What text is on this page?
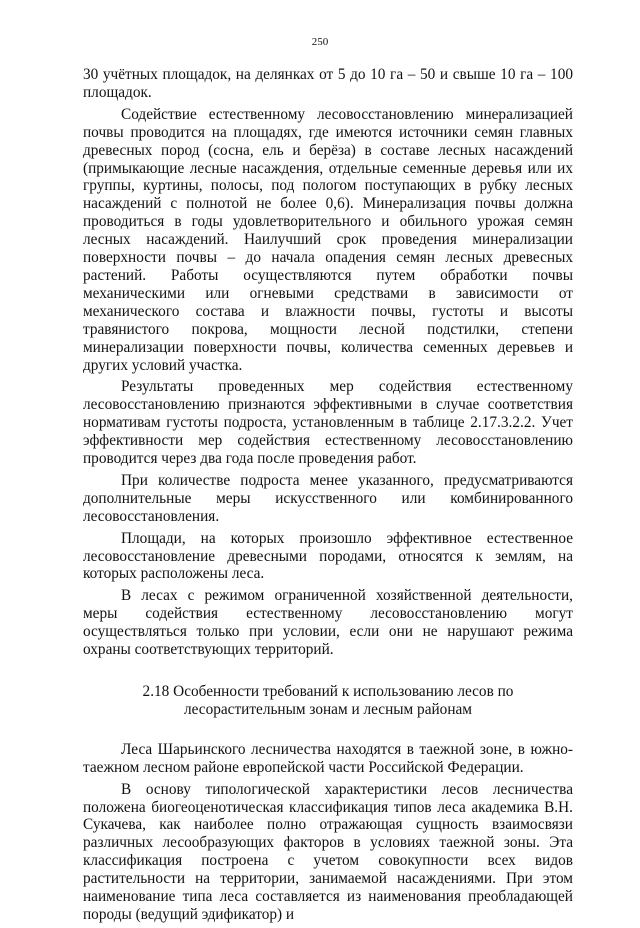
250

30 учётных площадок, на делянках от 5 до 10 га – 50 и свыше 10 га – 100 площадок.

Содействие естественному лесовосстановлению минерализацией почвы проводится на площадях, где имеются источники семян главных древесных пород (сосна, ель и берёза) в составе лесных насаждений (примыкающие лесные насаждения, отдельные семенные деревья или их группы, куртины, полосы, под пологом поступающих в рубку лесных насаждений с полнотой не более 0,6). Минерализация почвы должна проводиться в годы удовлетворительного и обильного урожая семян лесных насаждений. Наилучший срок проведения минерализации поверхности почвы – до начала опадения семян лесных древесных растений. Работы осуществляются путем обработки почвы механическими или огневыми средствами в зависимости от механического состава и влажности почвы, густоты и высоты травянистого покрова, мощности лесной подстилки, степени минерализации поверхности почвы, количества семенных деревьев и других условий участка.

Результаты проведенных мер содействия естественному лесовосстановлению признаются эффективными в случае соответствия нормативам густоты подроста, установленным в таблице 2.17.3.2.2. Учет эффективности мер содействия естественному лесовосстановлению проводится через два года после проведения работ.

При количестве подроста менее указанного, предусматриваются дополнительные меры искусственного или комбинированного лесовосстановления.

Площади, на которых произошло эффективное естественное лесовосстановление древесными породами, относятся к землям, на которых расположены леса.

В лесах с режимом ограниченной хозяйственной деятельности, меры содействия естественному лесовосстановлению могут осуществляться только при условии, если они не нарушают режима охраны соответствующих территорий.

2.18 Особенности требований к использованию лесов по
лесорастительным зонам и лесным районам

Леса Шарьинского лесничества находятся в таежной зоне, в южно-таежном лесном районе европейской части Российской Федерации.

В основу типологической характеристики лесов лесничества положена биогеоценотическая классификация типов леса академика В.Н. Сукачева, как наиболее полно отражающая сущность взаимосвязи различных лесообразующих факторов в условиях таежной зоны. Эта классификация построена с учетом совокупности всех видов растительности на территории, занимаемой насаждениями. При этом наименование типа леса составляется из наименования преобладающей породы (ведущий эдификатор) и
